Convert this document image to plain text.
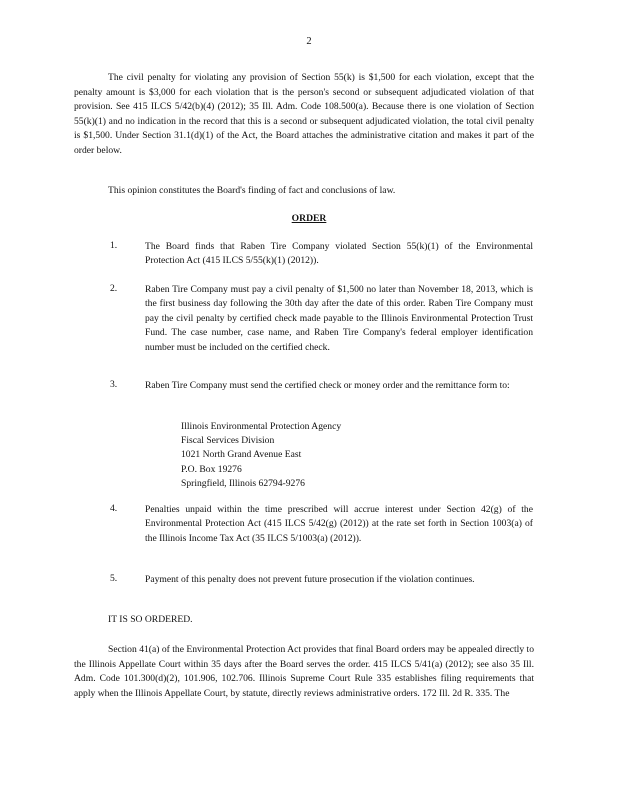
2
The civil penalty for violating any provision of Section 55(k) is $1,500 for each violation, except that the penalty amount is $3,000 for each violation that is the person's second or subsequent adjudicated violation of that provision. See 415 ILCS 5/42(b)(4) (2012); 35 Ill. Adm. Code 108.500(a). Because there is one violation of Section 55(k)(1) and no indication in the record that this is a second or subsequent adjudicated violation, the total civil penalty is $1,500. Under Section 31.1(d)(1) of the Act, the Board attaches the administrative citation and makes it part of the order below.
This opinion constitutes the Board's finding of fact and conclusions of law.
ORDER
1.	The Board finds that Raben Tire Company violated Section 55(k)(1) of the Environmental Protection Act (415 ILCS 5/55(k)(1) (2012)).
2.	Raben Tire Company must pay a civil penalty of $1,500 no later than November 18, 2013, which is the first business day following the 30th day after the date of this order. Raben Tire Company must pay the civil penalty by certified check made payable to the Illinois Environmental Protection Trust Fund. The case number, case name, and Raben Tire Company's federal employer identification number must be included on the certified check.
3.	Raben Tire Company must send the certified check or money order and the remittance form to:
Illinois Environmental Protection Agency
Fiscal Services Division
1021 North Grand Avenue East
P.O. Box 19276
Springfield, Illinois 62794-9276
4.	Penalties unpaid within the time prescribed will accrue interest under Section 42(g) of the Environmental Protection Act (415 ILCS 5/42(g) (2012)) at the rate set forth in Section 1003(a) of the Illinois Income Tax Act (35 ILCS 5/1003(a) (2012)).
5.	Payment of this penalty does not prevent future prosecution if the violation continues.
IT IS SO ORDERED.
Section 41(a) of the Environmental Protection Act provides that final Board orders may be appealed directly to the Illinois Appellate Court within 35 days after the Board serves the order. 415 ILCS 5/41(a) (2012); see also 35 Ill. Adm. Code 101.300(d)(2), 101.906, 102.706. Illinois Supreme Court Rule 335 establishes filing requirements that apply when the Illinois Appellate Court, by statute, directly reviews administrative orders. 172 Ill. 2d R. 335. The
